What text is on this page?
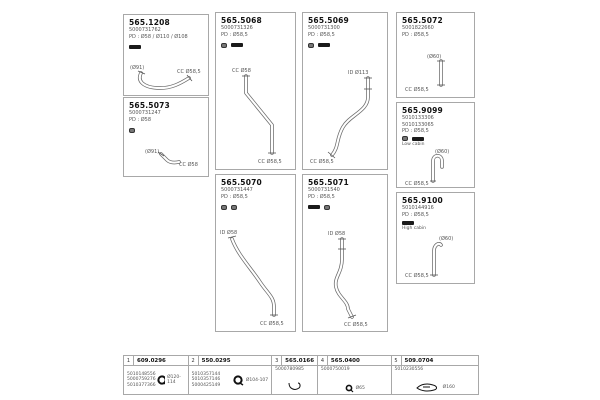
565.1208
5000731762
PD : Ø58 / Ø110 / Ø108
(Ø91)
CC Ø58,5
565.5073
5000731247
PD : Ø58
(Ø91)
CC Ø58
565.5068
5000731326
PD : Ø58,5
CC Ø58
CC Ø58,5
565.5069
5000731300
PD : Ø58,5
ID Ø113
CC Ø58,5
565.5072
5001822660
PD : Ø58,5
(Ø60)
CC Ø58,5
565.9099
5010133306
5010133065
PD : Ø58,5
Low cabin
(Ø60)
CC Ø58,5
565.5070
5000731447
PD : Ø58,5
ID Ø58
CC Ø58,5
565.5071
5000731540
PD : Ø58,5
ID Ø58
CC Ø58,5
565.9100
5010144916
PD : Ø58,5
High cabin
(Ø60)
CC Ø58,5
1	609.0296
5010148556
5000759276
5010377366
Ø120-114
2	550.0295
5010357144
5010357146
5000425149
Ø104-107
3	565.0166
5000780985
4	565.0400
5000750019
Ø65
5	509.0704
5010230556
Ø160
